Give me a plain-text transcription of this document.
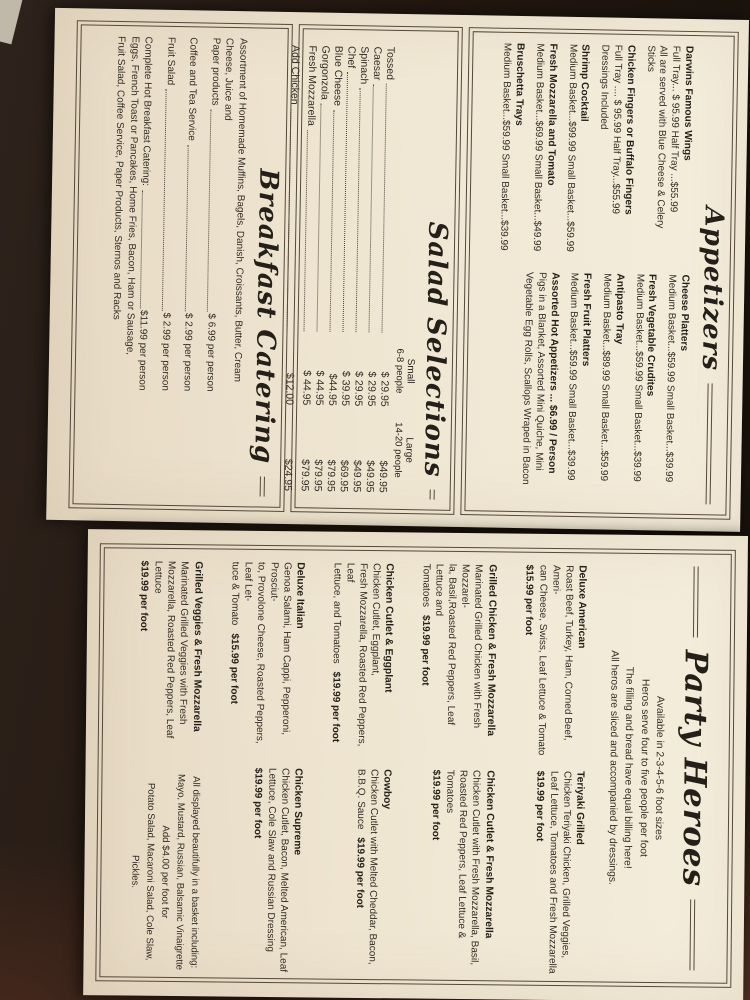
Appetizers
Darwins Famous Wings
Full Tray... $ 95.99 Half Tray ...$55.99
All are served with Blue Cheese & Celery Sticks
Chicken Fingers or Buffalo Fingers
Full Tray .... $ 95.99 Half Tray...$55.99
Dressings Included
Shrimp Cocktail
Medium Basket...$99.99 Small Basket...$59.99
Fresh Mozzarella and Tomato
Medium Basket...$69.99 Small Basket...$49.99
Bruschetta Trays
Medium Basket...$59.99 Small Basket...$39.99
Cheese Platters
Medium Basket...$59.99 Small Basket...$39.99
Fresh Vegetable Crudites
Medium Basket...$59.99 Small Basket...$39.99
Antipasto Tray
Medium Basket...$89.99 Small Basket...$59.99
Fresh Fruit Platters
Medium Basket...$59.99 Small Basket...$39.99
Assorted Hot Appetizers ... $6.99 / Person
Pigs in a Blanket, Assorted Mini Quiche, Mini
Vegetable Egg Rolls, Scallops Wraped in Bacon
Salad Selections
Small
6-8 people
Large
14-20 people
Tossed
$ 29.95
$49.95
Caesar
$ 29.95
$49.95
Spinach
$ 29.95
$49.95
Chef
$ 39.95
$69.95
Blue Cheese
$44.95
$79.95
Gorgonzola
$ 44.95
$79.95
Fresh Mozzarella
$ 44.95
$79.95
Add Chicken
$12.00
$24.95
Breakfast Catering
Assortment of Homemade Muffins, Bagels, Danish, Croissants, Butter, Cream
Cheese, Juice and
Paper products
$ 6.99 per person
Coffee and Tea Service
$ 2.99 per person
Fruit Salad
$ 2.99 per person
Complete Hot Breakfast Catering:
$11.99 per person
Eggs, French Toast or Pancakes, Home Fries, Bacon, Ham or Sausage,
Fruit Salad, Coffee Service, Paper Products, Sternos and Racks
Party Heroes
Available in 2-3-4-5-6 foot sizes
Heros serve four to five people per foot
The filling and bread have equal billing here!
All heros are sliced and accompanied by dressings.
Deluxe American
Roast Beef, Turkey, Ham, Corned Beef, Ameri-
can Cheese, Swiss, Leaf Lettuce & Tomato
$15.99 per foot
Teriyaki Grilled
Chicken Teriyaki Chicken, Grilled Veggies,
Leaf Lettuce, Tomatoes and Fresh Mozzarella
$19.99 per foot
Grilled Chicken & Fresh Mozzarella
Marinated Grilled Chicken with Fresh Mozzarel-
la, Basil,Roasted Red Peppers, Leaf Lettuce and
Tomatoes$19.99 per foot
Chicken Cutlet & Fresh Mozzarella
Chicken Cutlet with Fresh Mozzarella, Basil,
Roasted Red Peppers, Leaf Lettuce & Tomatoes
$19.99 per foot
Chicken Cutlet & Eggplant
Chicken Cutlet, Eggplant,
Fresh Mozzarella, Roasted Red Peppers, Leaf
Lettuce, and Tomatoes$19.99 per foot
Cowboy
Chicken Cutlet with Melted Cheddar, Bacon,
B.B.Q. Sauce$19.99 per foot
Deluxe Italian
Genoa Salami, Ham Cappi, Pepperoni, Prosciut-
to, Provolone Cheese, Roasted Peppers, Leaf Let-
tuce & Tomato$15.99 per foot
Chicken Supreme
Chicken Cutlet, Bacon, Melted American, Leaf
Lettuce, Cole Slaw and Russian Dressing
$19.99 per foot
Grilled Veggies & Fresh Mozzarella
Marinated Grilled Veggies with Fresh
Mozzarella, Roasted Red Peppers, Leaf Lettuce
$19.99 per foot
All displayed beautifully in a basket including:
Mayo, Mustard, Russian, Balsamic Vinaigrette
Add $4.00 per foot for
Potato Salad, Macaroni Salad, Cole Slaw, Pickles.
